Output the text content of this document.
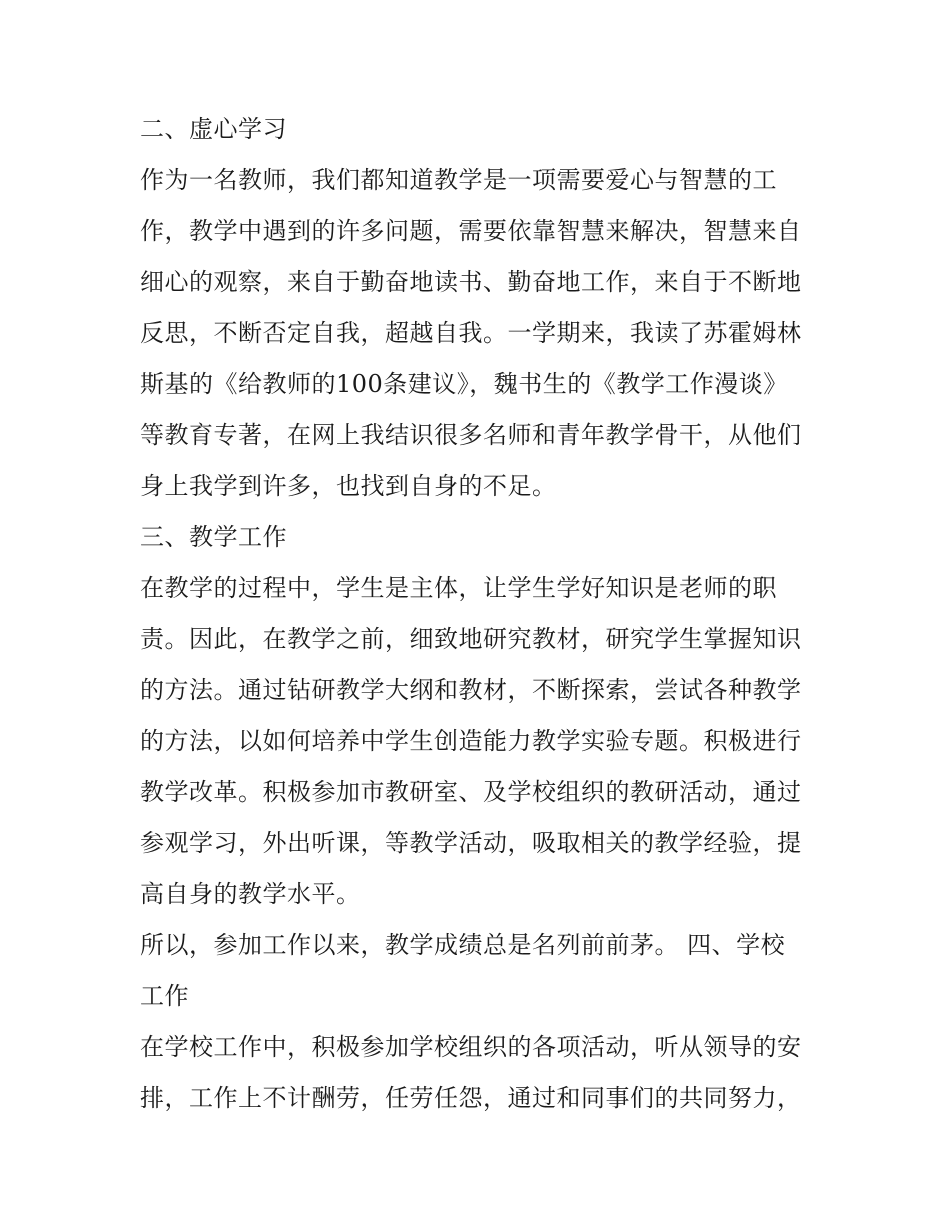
二、虚心学习
作为一名教师，我们都知道教学是一项需要爱心与智慧的工
作，教学中遇到的许多问题，需要依靠智慧来解决，智慧来自
细心的观察，来自于勤奋地读书、勤奋地工作，来自于不断地
反思，不断否定自我，超越自我。一学期来，我读了苏霍姆林
斯基的《给教师的100条建议》，魏书生的《教学工作漫谈》
等教育专著，在网上我结识很多名师和青年教学骨干，从他们
身上我学到许多，也找到自身的不足。
三、教学工作
在教学的过程中，学生是主体，让学生学好知识是老师的职
责。因此，在教学之前，细致地研究教材，研究学生掌握知识
的方法。通过钻研教学大纲和教材，不断探索，尝试各种教学
的方法，以如何培养中学生创造能力教学实验专题。积极进行
教学改革。积极参加市教研室、及学校组织的教研活动，通过
参观学习，外出听课，等教学活动，吸取相关的教学经验，提
高自身的教学水平。
所以，参加工作以来，教学成绩总是名列前前茅。 四、学校
工作
在学校工作中，积极参加学校组织的各项活动，听从领导的安
排，工作上不计酬劳，任劳任怨，通过和同事们的共同努力，
